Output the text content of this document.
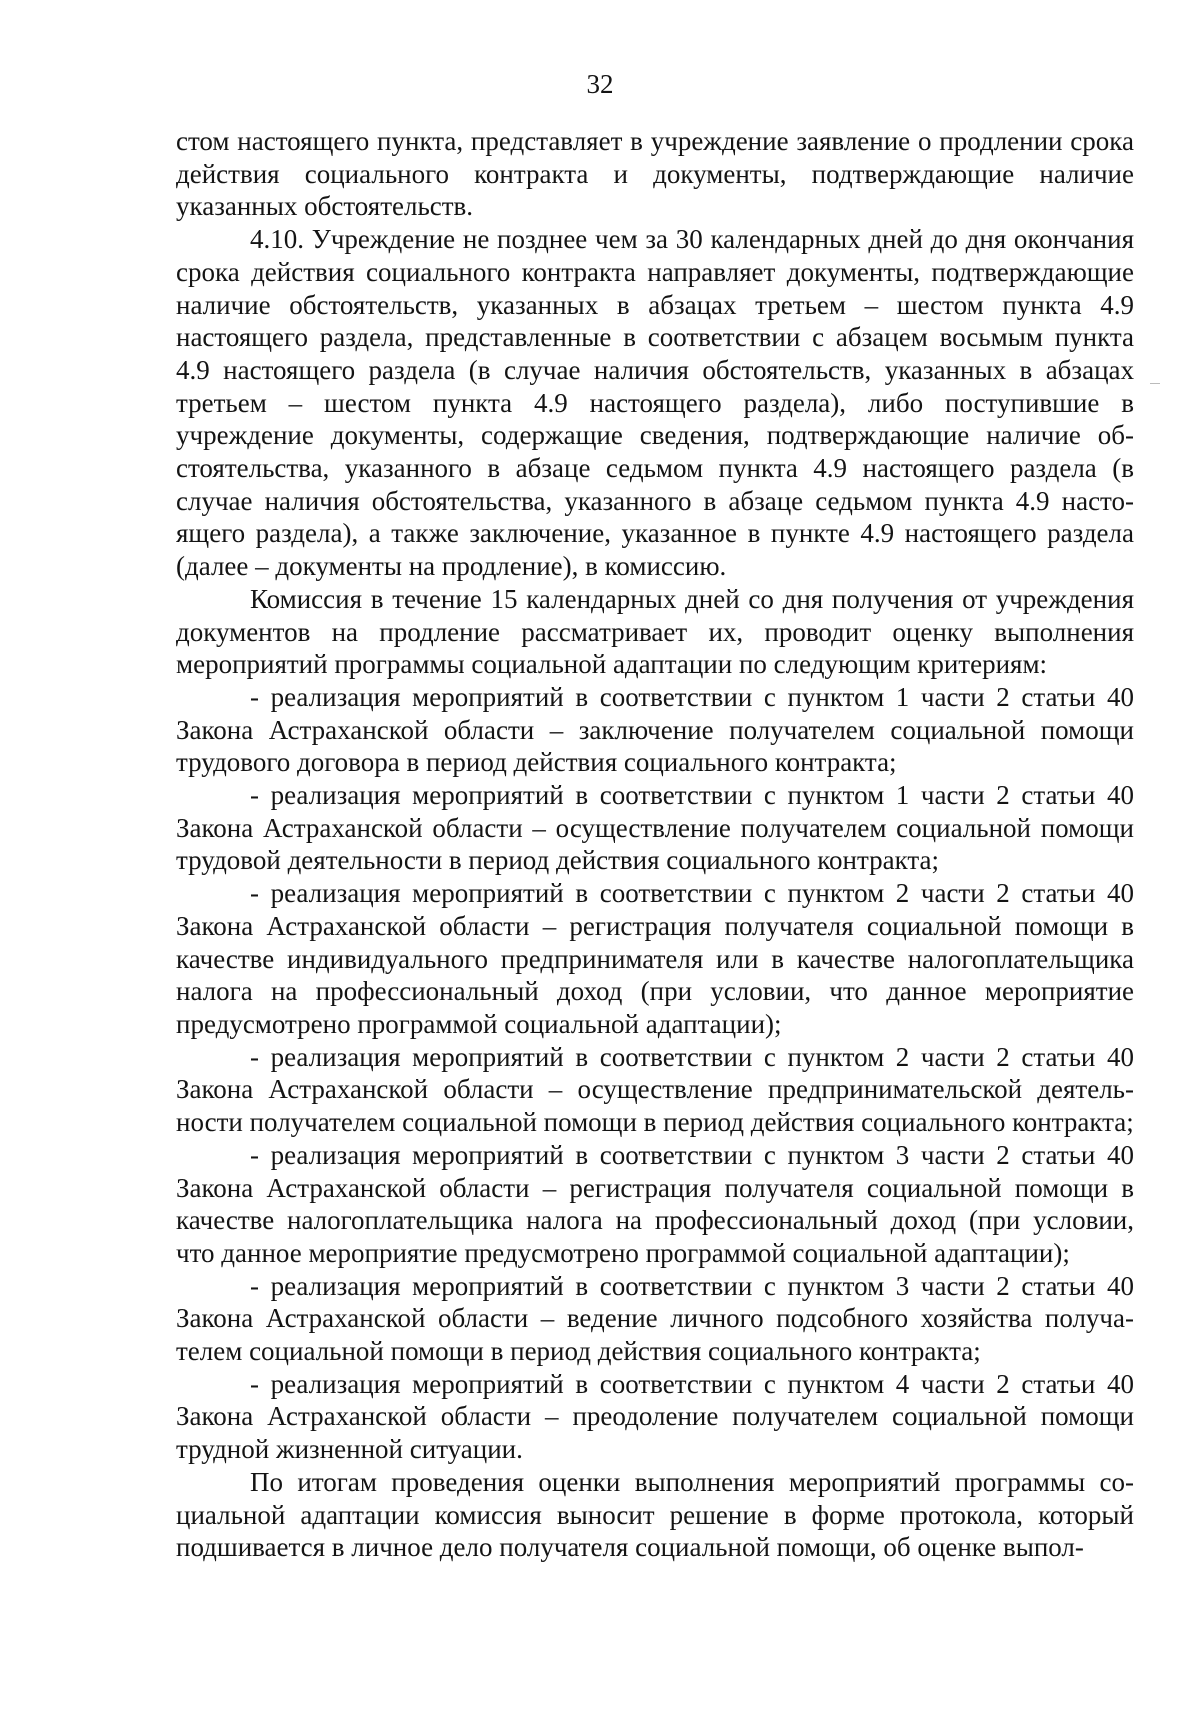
32

стом настоящего пункта, представляет в учреждение заявление о продлении срока действия социального контракта и документы, подтверждающие наличие указанных обстоятельств.

4.10. Учреждение не позднее чем за 30 календарных дней до дня окончания срока действия социального контракта направляет документы, подтверждающие наличие обстоятельств, указанных в абзацах третьем – шестом пункта 4.9 настоящего раздела, представленные в соответствии с абзацем восьмым пункта 4.9 настоящего раздела (в случае наличия обстоятельств, указанных в абзацах третьем – шестом пункта 4.9 настоящего раздела), либо поступившие в учреждение документы, содержащие сведения, подтверждающие наличие обстоятельства, указанного в абзаце седьмом пункта 4.9 настоящего раздела (в случае наличия обстоятельства, указанного в абзаце седьмом пункта 4.9 настоящего раздела), а также заключение, указанное в пункте 4.9 настоящего раздела (далее – документы на продление), в комиссию.

Комиссия в течение 15 календарных дней со дня получения от учреждения документов на продление рассматривает их, проводит оценку выполнения мероприятий программы социальной адаптации по следующим критериям:

- реализация мероприятий в соответствии с пунктом 1 части 2 статьи 40 Закона Астраханской области – заключение получателем социальной помощи трудового договора в период действия социального контракта;

- реализация мероприятий в соответствии с пунктом 1 части 2 статьи 40 Закона Астраханской области – осуществление получателем социальной помощи трудовой деятельности в период действия социального контракта;

- реализация мероприятий в соответствии с пунктом 2 части 2 статьи 40 Закона Астраханской области – регистрация получателя социальной помощи в качестве индивидуального предпринимателя или в качестве налогоплательщика налога на профессиональный доход (при условии, что данное мероприятие предусмотрено программой социальной адаптации);

- реализация мероприятий в соответствии с пунктом 2 части 2 статьи 40 Закона Астраханской области – осуществление предпринимательской деятельности получателем социальной помощи в период действия социального контракта;

- реализация мероприятий в соответствии с пунктом 3 части 2 статьи 40 Закона Астраханской области – регистрация получателя социальной помощи в качестве налогоплательщика налога на профессиональный доход (при условии, что данное мероприятие предусмотрено программой социальной адаптации);

- реализация мероприятий в соответствии с пунктом 3 части 2 статьи 40 Закона Астраханской области – ведение личного подсобного хозяйства получателем социальной помощи в период действия социального контракта;

- реализация мероприятий в соответствии с пунктом 4 части 2 статьи 40 Закона Астраханской области – преодоление получателем социальной помощи трудной жизненной ситуации.

По итогам проведения оценки выполнения мероприятий программы социальной адаптации комиссия выносит решение в форме протокола, который подшивается в личное дело получателя социальной помощи, об оценке выпол-
